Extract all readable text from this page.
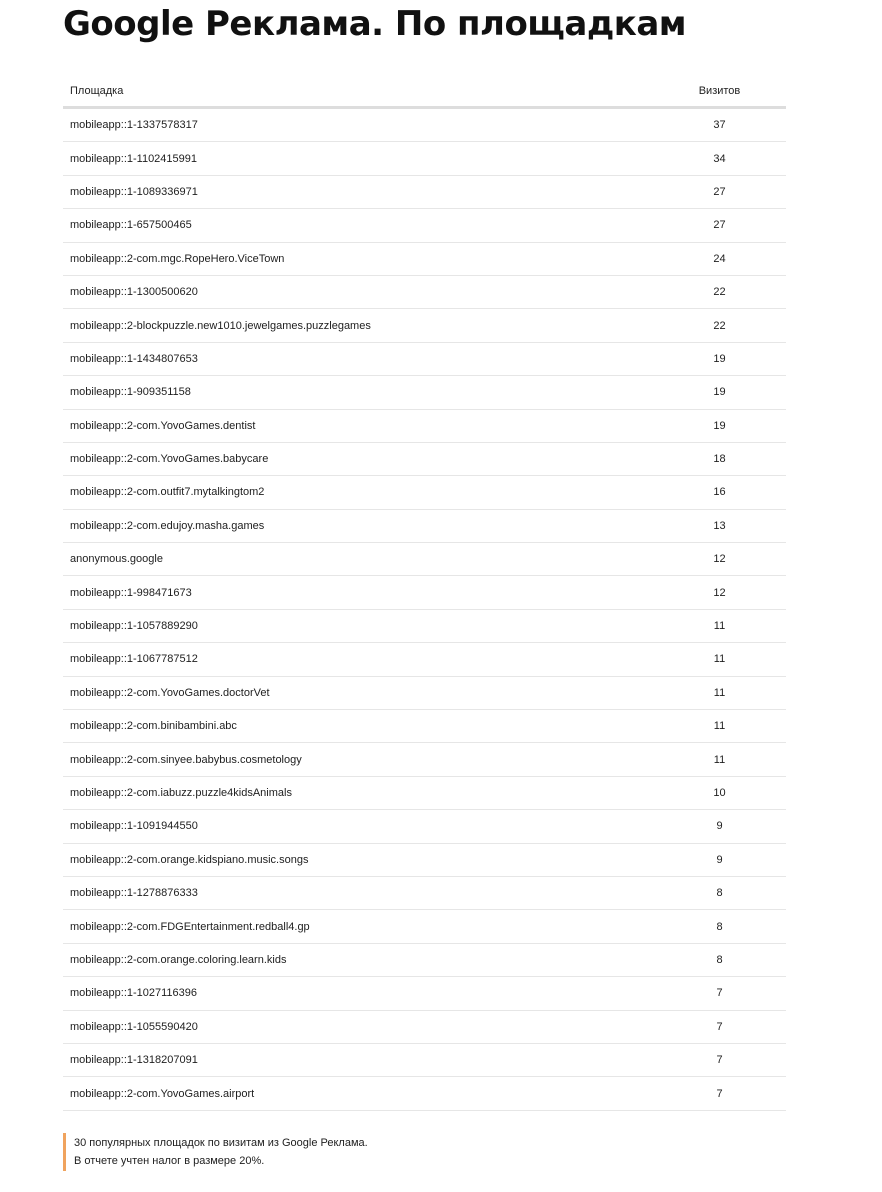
Google Реклама. По площадкам
Площадка	Визитов
mobileapp::1-1337578317	37
mobileapp::1-1102415991	34
mobileapp::1-1089336971	27
mobileapp::1-657500465	27
mobileapp::2-com.mgc.RopeHero.ViceTown	24
mobileapp::1-1300500620	22
mobileapp::2-blockpuzzle.new1010.jewelgames.puzzlegames	22
mobileapp::1-1434807653	19
mobileapp::1-909351158	19
mobileapp::2-com.YovoGames.dentist	19
mobileapp::2-com.YovoGames.babycare	18
mobileapp::2-com.outfit7.mytalkingtom2	16
mobileapp::2-com.edujoy.masha.games	13
anonymous.google	12
mobileapp::1-998471673	12
mobileapp::1-1057889290	11
mobileapp::1-1067787512	11
mobileapp::2-com.YovoGames.doctorVet	11
mobileapp::2-com.binibambini.abc	11
mobileapp::2-com.sinyee.babybus.cosmetology	11
mobileapp::2-com.iabuzz.puzzle4kidsAnimals	10
mobileapp::1-1091944550	9
mobileapp::2-com.orange.kidspiano.music.songs	9
mobileapp::1-1278876333	8
mobileapp::2-com.FDGEntertainment.redball4.gp	8
mobileapp::2-com.orange.coloring.learn.kids	8
mobileapp::1-1027116396	7
mobileapp::1-1055590420	7
mobileapp::1-1318207091	7
mobileapp::2-com.YovoGames.airport	7
30 популярных площадок по визитам из Google Реклама.
В отчете учтен налог в размере 20%.
